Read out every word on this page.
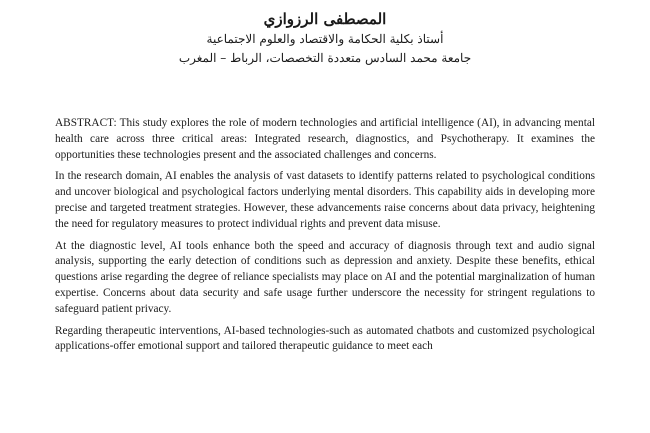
المصطفى الرزوازي

أستاذ بكلية الحكامة والاقتصاد والعلوم الاجتماعية

جامعة محمد السادس متعددة التخصصات، الرباط – المغرب

ABSTRACT: This study explores the role of modern technologies and artificial intelligence (AI), in advancing mental health care across three critical areas: Integrated research, diagnostics, and Psychotherapy. It examines the opportunities these technologies present and the associated challenges and concerns.

In the research domain, AI enables the analysis of vast datasets to identify patterns related to psychological conditions and uncover biological and psychological factors underlying mental disorders. This capability aids in developing more precise and targeted treatment strategies. However, these advancements raise concerns about data privacy, heightening the need for regulatory measures to protect individual rights and prevent data misuse.

At the diagnostic level, AI tools enhance both the speed and accuracy of diagnosis through text and audio signal analysis, supporting the early detection of conditions such as depression and anxiety. Despite these benefits, ethical questions arise regarding the degree of reliance specialists may place on AI and the potential marginalization of human expertise. Concerns about data security and safe usage further underscore the necessity for stringent regulations to safeguard patient privacy.

Regarding therapeutic interventions, AI-based technologies-such as automated chatbots and customized psychological applications-offer emotional support and tailored therapeutic guidance to meet each
